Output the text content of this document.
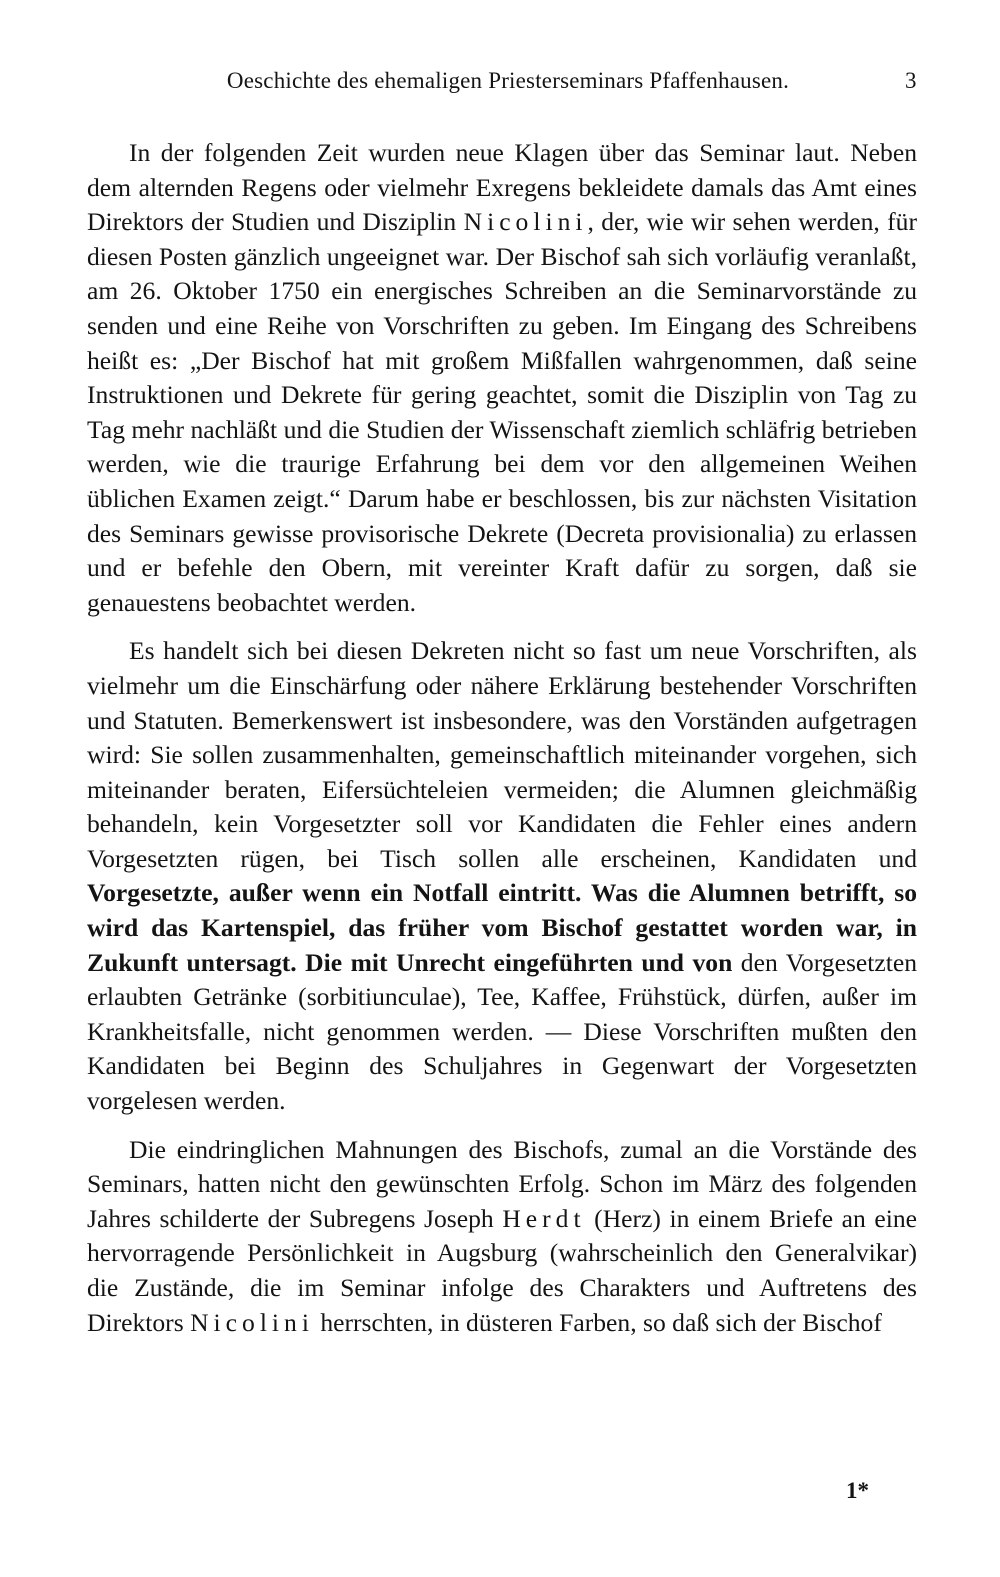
Oeschichte des ehemaligen Priesterseminars Pfaffenhausen.	3

In der folgenden Zeit wurden neue Klagen über das Seminar laut. Neben dem alternden Regens oder vielmehr Exregens bekleidete damals das Amt eines Direktors der Studien und Disziplin Nicolini, der, wie wir sehen werden, für diesen Posten gänzlich ungeeignet war. Der Bischof sah sich vorläufig veranlaßt, am 26. Oktober 1750 ein energisches Schreiben an die Seminarvorstände zu senden und eine Reihe von Vorschriften zu geben. Im Eingang des Schreibens heißt es: „Der Bischof hat mit großem Mißfallen wahrgenommen, daß seine Instruktionen und Dekrete für gering geachtet, somit die Disziplin von Tag zu Tag mehr nachläßt und die Studien der Wissenschaft ziemlich schläfrig betrieben werden, wie die traurige Erfahrung bei dem vor den allgemeinen Weihen üblichen Examen zeigt.“ Darum habe er beschlossen, bis zur nächsten Visitation des Seminars gewisse provisorische Dekrete (Decreta provisionalia) zu erlassen und er befehle den Obern, mit vereinter Kraft dafür zu sorgen, daß sie genauestens beobachtet werden.

Es handelt sich bei diesen Dekreten nicht so fast um neue Vorschriften, als vielmehr um die Einschärfung oder nähere Erklärung bestehender Vorschriften und Statuten. Bemerkenswert ist insbesondere, was den Vorständen aufgetragen wird: Sie sollen zusammenhalten, gemeinschaftlich miteinander vorgehen, sich miteinander beraten, Eifersüchteleien vermeiden; die Alumnen gleichmäßig behandeln, kein Vorgesetzter soll vor Kandidaten die Fehler eines andern Vorgesetzten rügen, bei Tisch sollen alle erscheinen, Kandidaten und Vorgesetzte, außer wenn ein Notfall eintritt. Was die Alumnen betrifft, so wird das Kartenspiel, das früher vom Bischof gestattet worden war, in Zukunft untersagt. Die mit Unrecht eingeführten und von den Vorgesetzten erlaubten Getränke (sorbitiunculae), Tee, Kaffee, Frühstück, dürfen, außer im Krankheitsfalle, nicht genommen werden. — Diese Vorschriften mußten den Kandidaten bei Beginn des Schuljahres in Gegenwart der Vorgesetzten vorgelesen werden.

Die eindringlichen Mahnungen des Bischofs, zumal an die Vorstände des Seminars, hatten nicht den gewünschten Erfolg. Schon im März des folgenden Jahres schilderte der Subregens Joseph Herdt (Herz) in einem Briefe an eine hervorragende Persönlichkeit in Augsburg (wahrscheinlich den Generalvikar) die Zustände, die im Seminar infolge des Charakters und Auftretens des Direktors Nicolini herrschten, in düsteren Farben, so daß sich der Bischof

1*
